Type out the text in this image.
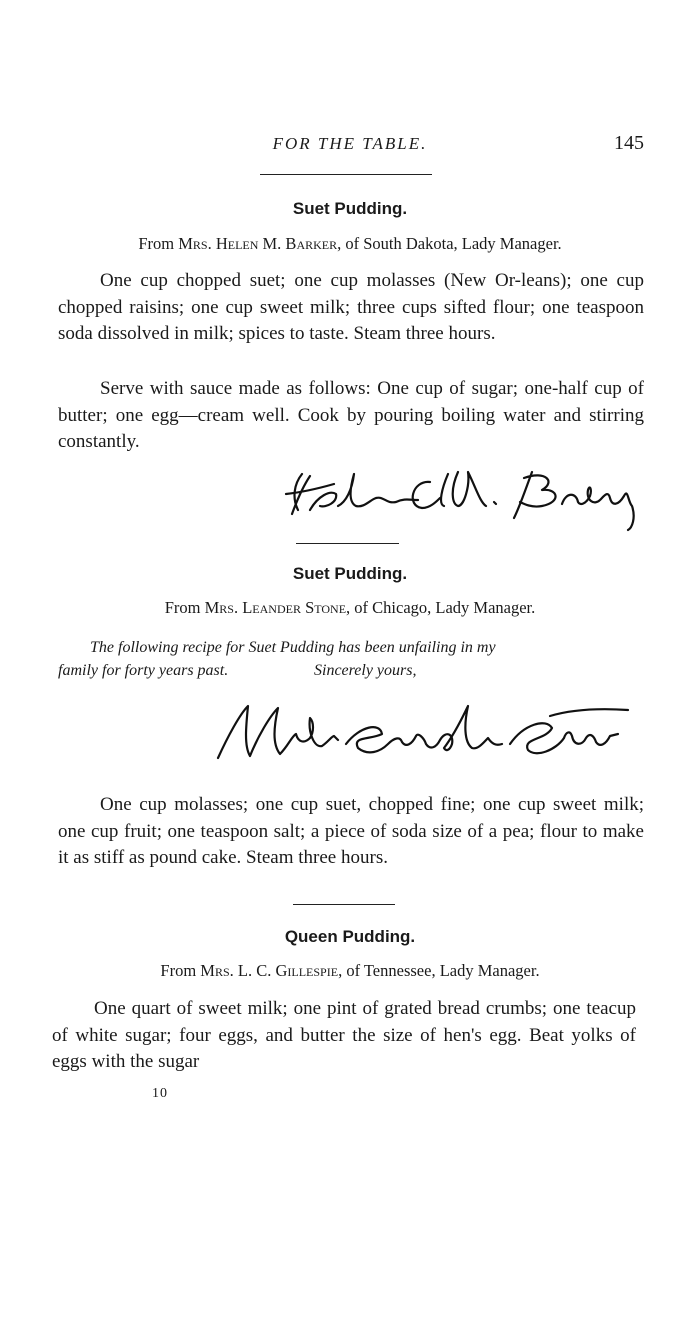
FOR THE TABLE.	145
Suet Pudding.
From Mrs. Helen M. Barker, of South Dakota, Lady Manager.
One cup chopped suet; one cup molasses (New Or-leans); one cup chopped raisins; one cup sweet milk; three cups sifted flour; one teaspoon soda dissolved in milk; spices to taste. Steam three hours.
Serve with sauce made as follows: One cup of sugar; one-half cup of butter; one egg—cream well. Cook by pouring boiling water and stirring constantly.
Suet Pudding.
From Mrs. Leander Stone, of Chicago, Lady Manager.
The following recipe for Suet Pudding has been unfailing in my
family for forty years past.	Sincerely yours,
One cup molasses; one cup suet, chopped fine; one cup sweet milk; one cup fruit; one teaspoon salt; a piece of soda size of a pea; flour to make it as stiff as pound cake. Steam three hours.
Queen Pudding.
From Mrs. L. C. Gillespie, of Tennessee, Lady Manager.
One quart of sweet milk; one pint of grated bread crumbs; one teacup of white sugar; four eggs, and butter the size of hen's egg. Beat yolks of eggs with the sugar
10
